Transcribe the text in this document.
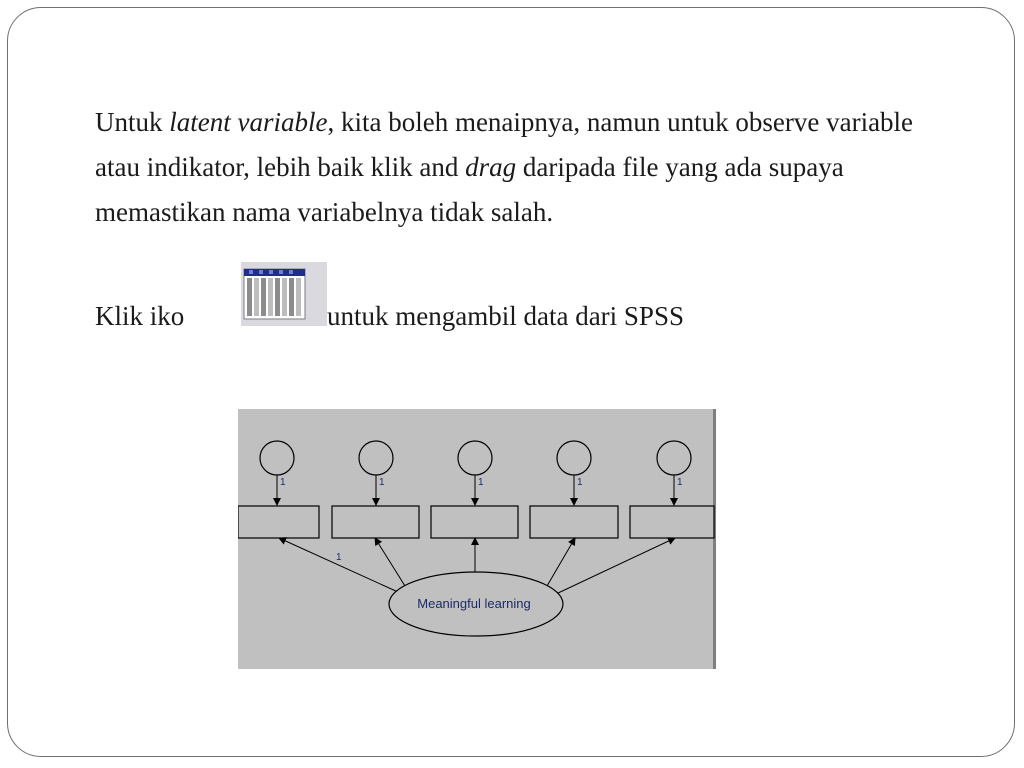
Untuk latent variable, kita boleh menaipnya, namun untuk observe variable atau indikator, lebih baik klik and drag daripada file yang ada supaya memastikan nama variabelnya tidak salah.

Klik iko	untuk mengambil data dari SPSS
1	1	1	1	1
1
Meaningful learning
